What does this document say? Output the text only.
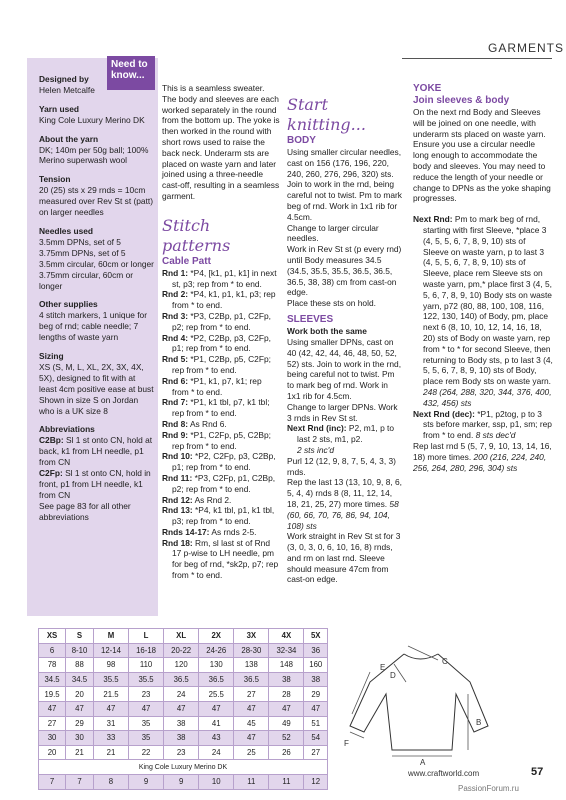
GARMENTS
Need to know...
Designed by
Helen Metcalfe
Yarn used
King Cole Luxury Merino DK
About the yarn
DK; 140m per 50g ball; 100% Merino superwash wool
Tension
20 (25) sts x 29 rnds = 10cm measured over Rev St st (patt) on larger needles
Needles used
3.5mm DPNs, set of 5
3.75mm DPNs, set of 5
3.5mm circular, 60cm or longer
3.75mm circular, 60cm or longer
Other supplies
4 stitch markers, 1 unique for beg of rnd; cable needle; 7 lengths of waste yarn
Sizing
XS (S, M, L, XL, 2X, 3X, 4X, 5X), designed to fit with at least 4cm positive ease at bust
Shown in size S on Jordan who is a UK size 8
Abbreviations
C2Bp: Sl 1 st onto CN, hold at back, k1 from LH needle, p1 from CN
C2Fp: Sl 1 st onto CN, hold in front, p1 from LH needle, k1 from CN
See page 83 for all other abbreviations

This is a seamless sweater. The body and sleeves are each worked separately in the round from the bottom up. The yoke is then worked in the round with short rows used to raise the back neck. Underarm sts are placed on waste yarn and later joined using a three-needle cast-off, resulting in a seamless garment.

Stitch patterns
Cable Patt

Rnd 1: *P4, [k1, p1, k1] in next st, p3; rep from * to end.

Rnd 2: *P4, k1, p1, k1, p3; rep from * to end.

Rnd 3: *P3, C2Bp, p1, C2Fp, p2; rep from * to end.

Rnd 4: *P2, C2Bp, p3, C2Fp, p1; rep from * to end.

Rnd 5: *P1, C2Bp, p5, C2Fp; rep from * to end.

Rnd 6: *P1, k1, p7, k1; rep from * to end.

Rnd 7: *P1, k1 tbl, p7, k1 tbl; rep from * to end.

Rnd 8: As Rnd 6.

Rnd 9: *P1, C2Fp, p5, C2Bp; rep from * to end.

Rnd 10: *P2, C2Fp, p3, C2Bp, p1; rep from * to end.

Rnd 11: *P3, C2Fp, p1, C2Bp, p2; rep from * to end.

Rnd 12: As Rnd 2.

Rnd 13: *P4, k1 tbl, p1, k1 tbl, p3; rep from * to end.

Rnds 14-17: As rnds 2-5.

Rnd 18: Rm, sl last st of Rnd 17 p-wise to LH needle, pm for beg of rnd, *sk2p, p7; rep from * to end.

Start knitting...
BODY

Using smaller circular needles, cast on 156 (176, 196, 220, 240, 260, 276, 296, 320) sts. Join to work in the rnd, being careful not to twist. Pm to mark beg of rnd. Work in 1x1 rib for 4.5cm.

Change to larger circular needles.

Work in Rev St st (p every rnd) until Body measures 34.5 (34.5, 35.5, 35.5, 36.5, 36.5, 36.5, 38, 38) cm from cast-on edge.

Place these sts on hold.

SLEEVES
Work both the same

Using smaller DPNs, cast on 40 (42, 42, 44, 46, 48, 50, 52, 52) sts. Join to work in the rnd, being careful not to twist. Pm to mark beg of rnd. Work in 1x1 rib for 4.5cm.

Change to larger DPNs. Work 3 rnds in Rev St st.

Next Rnd (inc): P2, m1, p to last 2 sts, m1, p2.

2 sts inc'd

Purl 12 (12, 9, 8, 7, 5, 4, 3, 3) rnds.

Rep the last 13 (13, 10, 9, 8, 6, 5, 4, 4) rnds 8 (8, 11, 12, 14, 18, 21, 25, 27) more times. 58 (60, 66, 70, 76, 86, 94, 104, 108) sts

Work straight in Rev St st for 3 (3, 0, 3, 0, 6, 10, 16, 8) rnds, and rm on last rnd. Sleeve should measure 47cm from cast-on edge.

YOKE
Join sleeves & body

On the next rnd Body and Sleeves will be joined on one needle, with underarm sts placed on waste yarn. Ensure you use a circular needle long enough to accommodate the body and sleeves. You may need to reduce the length of your needle or change to DPNs as the yoke shaping progresses.

Next Rnd: Pm to mark beg of rnd, starting with first Sleeve, *place 3 (4, 5, 5, 6, 7, 8, 9, 10) sts of Sleeve on waste yarn, p to last 3 (4, 5, 5, 6, 7, 8, 9, 10) sts of Sleeve, place rem Sleeve sts on waste yarn, pm,* place first 3 (4, 5, 5, 6, 7, 8, 9, 10) Body sts on waste yarn, p72 (80, 88, 100, 108, 116, 122, 130, 140) of Body, pm, place next 6 (8, 10, 10, 12, 14, 16, 18, 20) sts of Body on waste yarn, rep from * to * for second Sleeve, then returning to Body sts, p to last 3 (4, 5, 5, 6, 7, 8, 9, 10) sts of Body, place rem Body sts on waste yarn. 248 (264, 288, 320, 344, 376, 400, 432, 456) sts

Next Rnd (dec): *P1, p2tog, p to 3 sts before marker, ssp, p1, sm; rep from * to end. 8 sts dec'd

Rep last rnd 5 (5, 7, 9, 10, 13, 14, 16, 18) more times. 200 (216, 224, 240, 256, 264, 280, 296, 304) sts

XS	S	M	L	XL	2X	3X	4X	5X
6	8-10	12-14	16-18	20-22	24-26	28-30	32-34	36
78	88	98	110	120	130	138	148	160
34.5	34.5	35.5	35.5	36.5	36.5	36.5	38	38
19.5	20	21.5	23	24	25.5	27	28	29
47	47	47	47	47	47	47	47	47
27	29	31	35	38	41	45	49	51
30	30	33	35	38	43	47	52	54
20	21	21	22	23	24	25	26	27
King Cole Luxury Merino DK								
7	7	8	9	9	10	11	11	12
A
B
C
D
E
F
www.craftworld.com	57
PassionForum.ru
